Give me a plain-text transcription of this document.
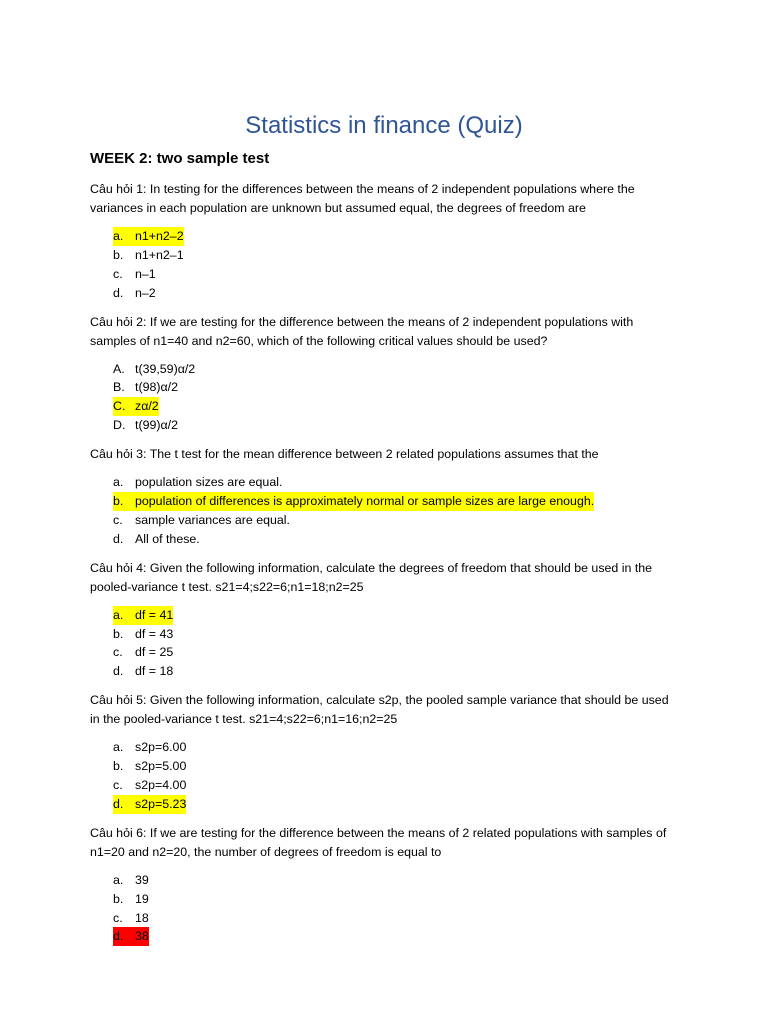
Statistics in finance (Quiz)
WEEK 2: two sample test

Câu hỏi 1: In testing for the differences between the means of 2 independent populations where the variances in each population are unknown but assumed equal, the degrees of freedom are

a. n1+n2–2
b. n1+n2–1
c. n–1
d. n–2

Câu hỏi 2: If we are testing for the difference between the means of 2 independent populations with samples of n1=40 and n2=60, which of the following critical values should be used?

A. t(39,59)α/2
B. t(98)α/2
C. zα/2
D. t(99)α/2

Câu hỏi 3: The t test for the mean difference between 2 related populations assumes that the

a. population sizes are equal.
b. population of differences is approximately normal or sample sizes are large enough.
c. sample variances are equal.
d. All of these.

Câu hỏi 4: Given the following information, calculate the degrees of freedom that should be used in the pooled-variance t test. s21=4;s22=6;n1=18;n2=25

a. df = 41
b. df = 43
c. df = 25
d. df = 18

Câu hỏi 5: Given the following information, calculate s2p, the pooled sample variance that should be used in the pooled-variance t test. s21=4;s22=6;n1=16;n2=25

a. s2p=6.00
b. s2p=5.00
c. s2p=4.00
d. s2p=5.23

Câu hỏi 6: If we are testing for the difference between the means of 2 related populations with samples of n1=20 and n2=20, the number of degrees of freedom is equal to

a. 39
b. 19
c. 18
d. 38
